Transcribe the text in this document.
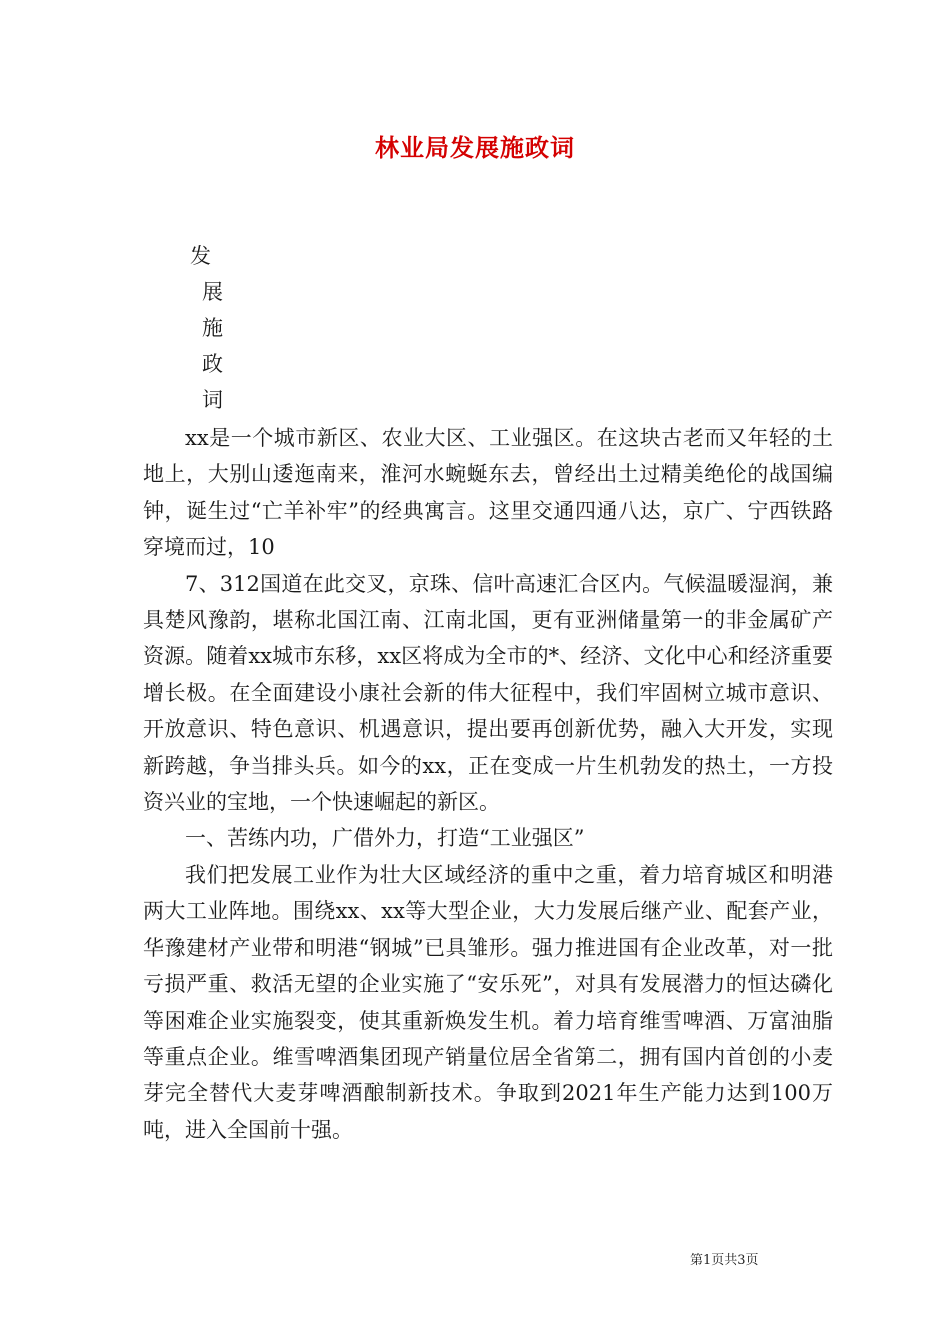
林业局发展施政词
发
展
施
政
词

xx是一个城市新区、农业大区、工业强区。在这块古老而又年轻的土地上，大别山逶迤南来，淮河水蜿蜒东去，曾经出土过精美绝伦的战国编钟，诞生过“亡羊补牢”的经典寓言。这里交通四通八达，京广、宁西铁路穿境而过，10

7、312国道在此交叉，京珠、信叶高速汇合区内。气候温暖湿润，兼具楚风豫韵，堪称北国江南、江南北国，更有亚洲储量第一的非金属矿产资源。随着xx城市东移，xx区将成为全市的*、经济、文化中心和经济重要增长极。在全面建设小康社会新的伟大征程中，我们牢固树立城市意识、开放意识、特色意识、机遇意识，提出要再创新优势，融入大开发，实现新跨越，争当排头兵。如今的xx，正在变成一片生机勃发的热土，一方投资兴业的宝地，一个快速崛起的新区。

一、苦练内功，广借外力，打造“工业强区”

我们把发展工业作为壮大区域经济的重中之重，着力培育城区和明港两大工业阵地。围绕xx、xx等大型企业，大力发展后继产业、配套产业，华豫建材产业带和明港“钢城”已具雏形。强力推进国有企业改革，对一批亏损严重、救活无望的企业实施了“安乐死”，对具有发展潜力的恒达磷化等困难企业实施裂变，使其重新焕发生机。着力培育维雪啤酒、万富油脂等重点企业。维雪啤酒集团现产销量位居全省第二，拥有国内首创的小麦芽完全替代大麦芽啤酒酿制新技术。争取到2021年生产能力达到100万吨，进入全国前十强。

第1页共3页
